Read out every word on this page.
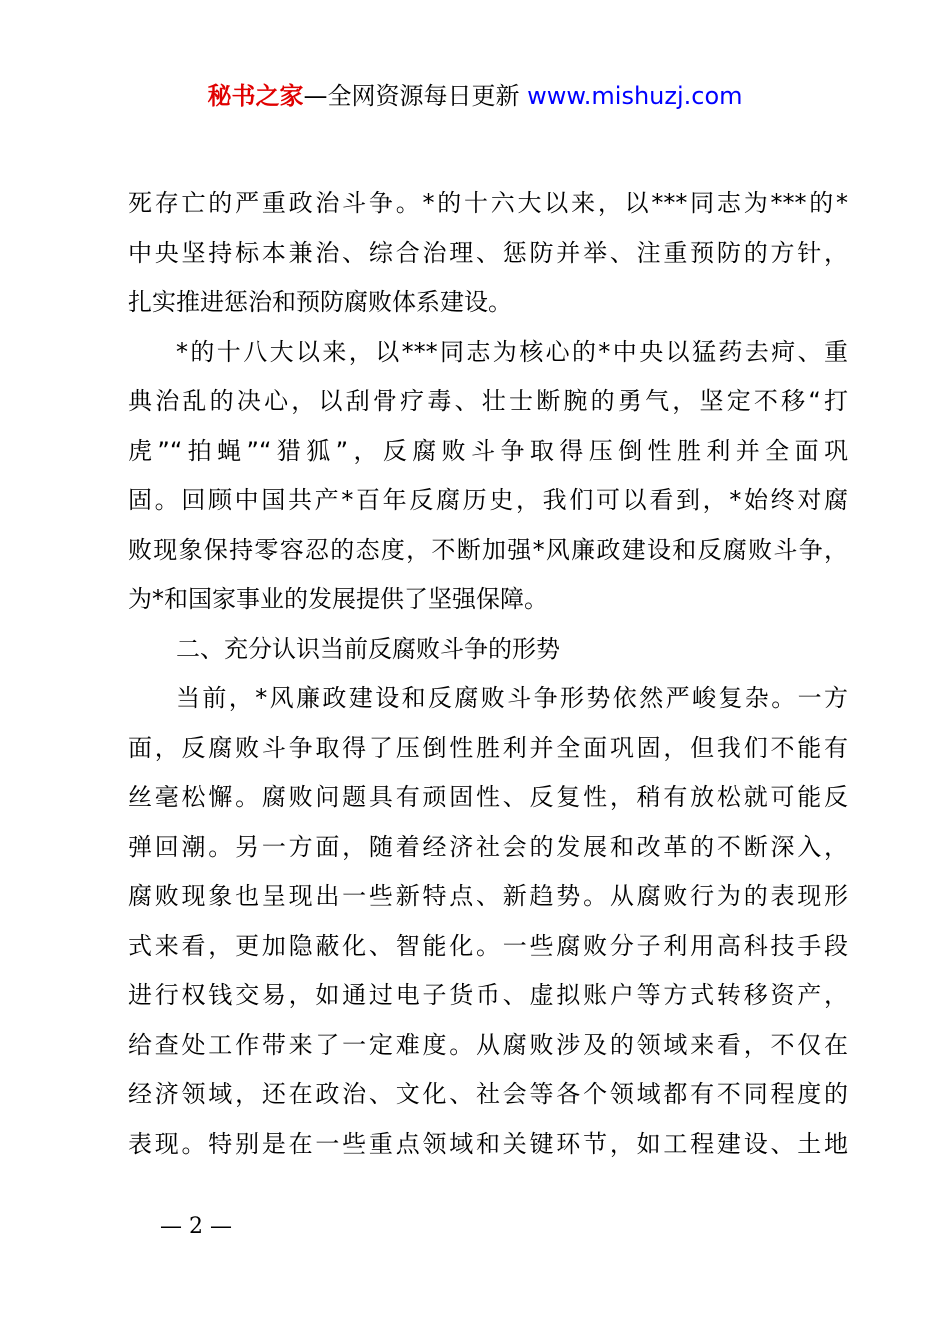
秘书之家—全网资源每日更新 www.mishuzj.com
死存亡的严重政治斗争。*的十六大以来，以***同志为***的*
中央坚持标本兼治、综合治理、惩防并举、注重预防的方针，
扎实推进惩治和预防腐败体系建设。
*的十八大以来，以***同志为核心的*中央以猛药去疴、重
典治乱的决心，以刮骨疗毒、壮士断腕的勇气，坚定不移“打
虎”“拍蝇”“猎狐”，反腐败斗争取得压倒性胜利并全面巩
固。回顾中国共产*百年反腐历史，我们可以看到，*始终对腐
败现象保持零容忍的态度，不断加强*风廉政建设和反腐败斗争，
为*和国家事业的发展提供了坚强保障。
二、充分认识当前反腐败斗争的形势
当前，*风廉政建设和反腐败斗争形势依然严峻复杂。一方
面，反腐败斗争取得了压倒性胜利并全面巩固，但我们不能有
丝毫松懈。腐败问题具有顽固性、反复性，稍有放松就可能反
弹回潮。另一方面，随着经济社会的发展和改革的不断深入，
腐败现象也呈现出一些新特点、新趋势。从腐败行为的表现形
式来看，更加隐蔽化、智能化。一些腐败分子利用高科技手段
进行权钱交易，如通过电子货币、虚拟账户等方式转移资产，
给查处工作带来了一定难度。从腐败涉及的领域来看，不仅在
经济领域，还在政治、文化、社会等各个领域都有不同程度的
表现。特别是在一些重点领域和关键环节，如工程建设、土地
— 2 —
